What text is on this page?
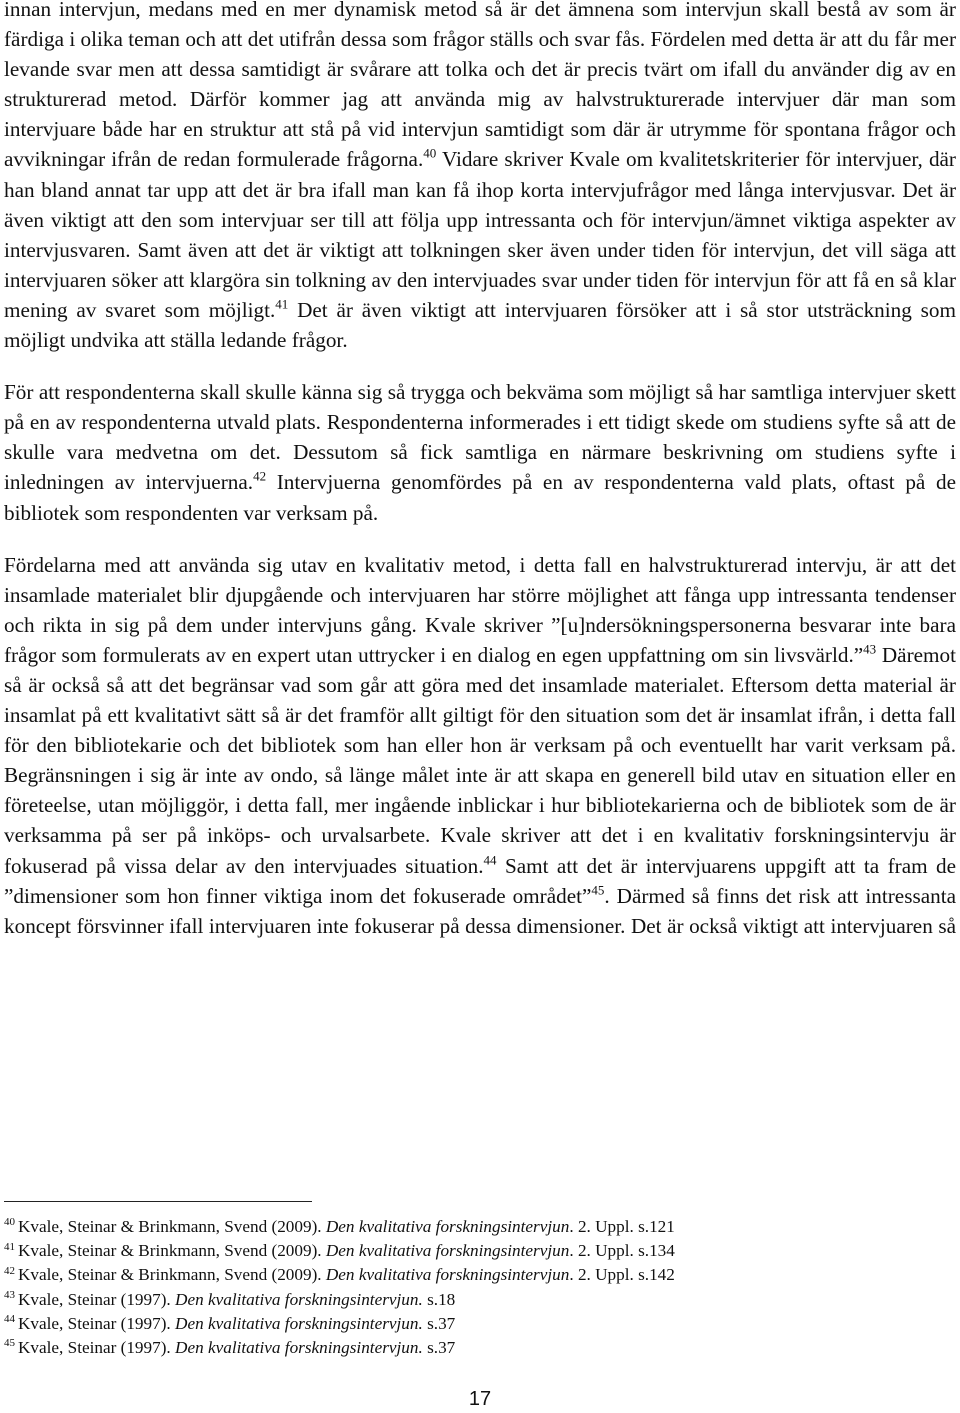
innan intervjun, medans med en mer dynamisk metod så är det ämnena som intervjun skall bestå av som är färdiga i olika teman och att det utifrån dessa som frågor ställs och svar fås. Fördelen med detta är att du får mer levande svar men att dessa samtidigt är svårare att tolka och det är precis tvärt om ifall du använder dig av en strukturerad metod. Därför kommer jag att använda mig av halvstrukturerade intervjuer där man som intervjuare både har en struktur att stå på vid intervjun samtidigt som där är utrymme för spontana frågor och avvikningar ifrån de redan formulerade frågorna.$^{40}$ Vidare skriver Kvale om kvalitetskriterier för intervjuer, där han bland annat tar upp att det är bra ifall man kan få ihop korta intervjufrågor med långa intervjusvar. Det är även viktigt att den som intervjuar ser till att följa upp intressanta och för intervjun/ämnet viktiga aspekter av intervjusvaren. Samt även att det är viktigt att tolkningen sker även under tiden för intervjun, det vill säga att intervjuaren söker att klargöra sin tolkning av den intervjuades svar under tiden för intervjun för att få en så klar mening av svaret som möjligt.$^{41}$ Det är även viktigt att intervjuaren försöker att i så stor utsträckning som möjligt undvika att ställa ledande frågor.

För att respondenterna skall skulle känna sig så trygga och bekväma som möjligt så har samtliga intervjuer skett på en av respondenterna utvald plats. Respondenterna informerades i ett tidigt skede om studiens syfte så att de skulle vara medvetna om det. Dessutom så fick samtliga en närmare beskrivning om studiens syfte i inledningen av intervjuerna.$^{42}$ Intervjuerna genomfördes på en av respondenterna vald plats, oftast på de bibliotek som respondenten var verksam på.

Fördelarna med att använda sig utav en kvalitativ metod, i detta fall en halvstrukturerad intervju, är att det insamlade materialet blir djupgående och intervjuaren har större möjlighet att fånga upp intressanta tendenser och rikta in sig på dem under intervjuns gång. Kvale skriver ”[u]ndersökningspersonerna besvarar inte bara frågor som formulerats av en expert utan uttrycker i en dialog en egen uppfattning om sin livsvärld.”$^{43}$ Däremot så är också så att det begränsar vad som går att göra med det insamlade materialet. Eftersom detta material är insamlat på ett kvalitativt sätt så är det framför allt giltigt för den situation som det är insamlat ifrån, i detta fall för den bibliotekarie och det bibliotek som han eller hon är verksam på och eventuellt har varit verksam på. Begränsningen i sig är inte av ondo, så länge målet inte är att skapa en generell bild utav en situation eller en företeelse, utan möjliggör, i detta fall, mer ingående inblickar i hur bibliotekarierna och de bibliotek som de är verksamma på ser på inköps- och urvalsarbete. Kvale skriver att det i en kvalitativ forskningsintervju är fokuserad på vissa delar av den intervjuades situation.$^{44}$ Samt att det är intervjuarens uppgift att ta fram de ”dimensioner som hon finner viktiga inom det fokuserade området”$^{45}$. Därmed så finns det risk att intressanta koncept försvinner ifall intervjuaren inte fokuserar på dessa dimensioner. Det är också viktigt att intervjuaren så

$^{40}$ Kvale, Steinar & Brinkmann, Svend (2009). Den kvalitativa forskningsintervjun. 2. Uppl. s.121
$^{41}$ Kvale, Steinar & Brinkmann, Svend (2009). Den kvalitativa forskningsintervjun. 2. Uppl. s.134
$^{42}$ Kvale, Steinar & Brinkmann, Svend (2009). Den kvalitativa forskningsintervjun. 2. Uppl. s.142
$^{43}$ Kvale, Steinar (1997). Den kvalitativa forskningsintervjun. s.18
$^{44}$ Kvale, Steinar (1997). Den kvalitativa forskningsintervjun. s.37
$^{45}$ Kvale, Steinar (1997). Den kvalitativa forskningsintervjun. s.37
17
